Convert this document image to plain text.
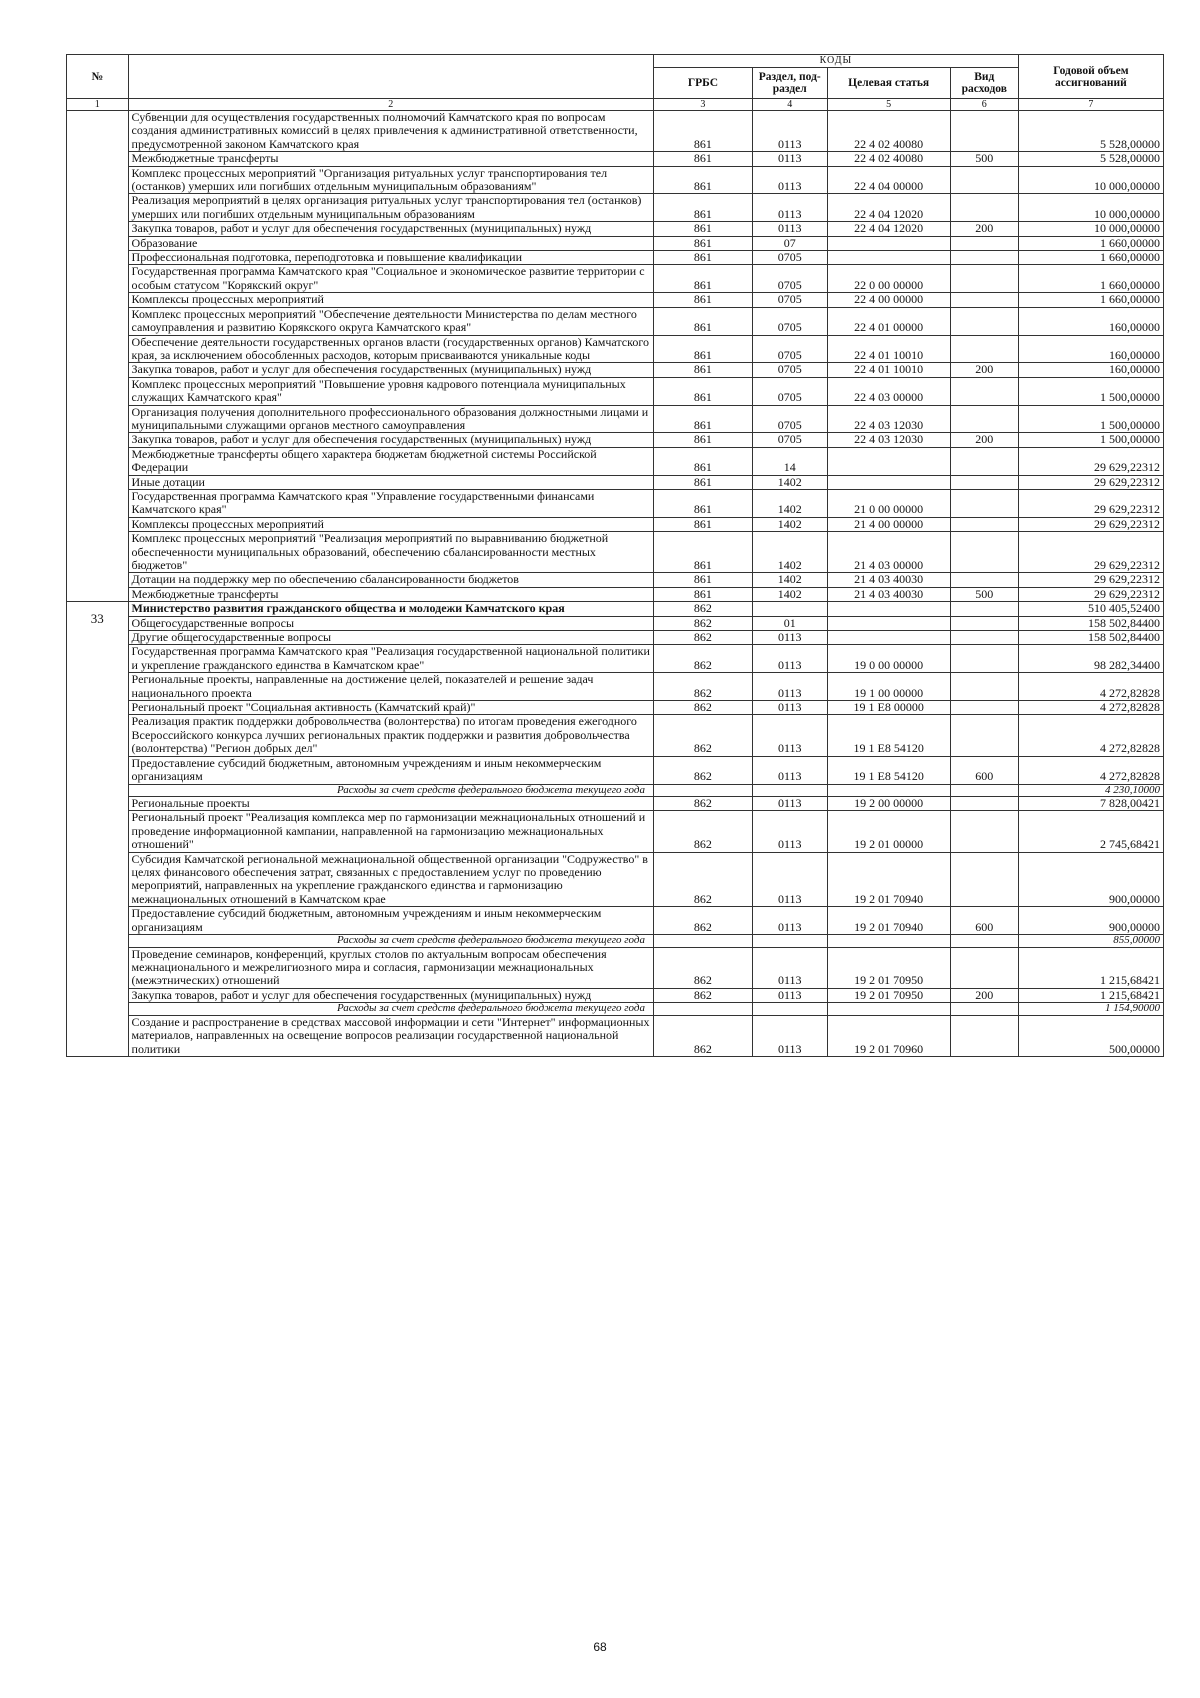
№		КОДЫ				Годовой объем ассигнований
		ГРБС	Раздел, под-раздел	Целевая статья	Вид расходов	
1	2	3	4	5	6	7
	Субвенции для осуществления государственных полномочий Камчатского края по вопросам создания административных комиссий в целях привлечения к административной ответственности, предусмотренной законом Камчатского края	861	0113	22 4 02 40080		5 528,00000
	Межбюджетные трансферты	861	0113	22 4 02 40080	500	5 528,00000
	Комплекс процессных мероприятий "Организация ритуальных услуг транспортирования тел (останков) умерших или погибших отдельным муниципальным образованиям"	861	0113	22 4 04 00000		10 000,00000
	Реализация мероприятий в целях организация ритуальных услуг транспортирования тел (останков) умерших или погибших отдельным муниципальным образованиям	861	0113	22 4 04 12020		10 000,00000
	Закупка товаров, работ и услуг для обеспечения государственных (муниципальных) нужд	861	0113	22 4 04 12020	200	10 000,00000
	Образование	861	07			1 660,00000
	Профессиональная подготовка, переподготовка и повышение квалификации	861	0705			1 660,00000
	Государственная программа Камчатского края "Социальное и экономическое развитие территории с особым статусом "Корякский округ"	861	0705	22 0 00 00000		1 660,00000
	Комплексы процессных мероприятий	861	0705	22 4 00 00000		1 660,00000
	Комплекс процессных мероприятий "Обеспечение деятельности Министерства по делам местного самоуправления и развитию Корякского округа Камчатского края"	861	0705	22 4 01 00000		160,00000
	Обеспечение деятельности государственных органов власти (государственных органов) Камчатского края, за исключением обособленных расходов, которым присваиваются уникальные коды	861	0705	22 4 01 10010		160,00000
	Закупка товаров, работ и услуг для обеспечения государственных (муниципальных) нужд	861	0705	22 4 01 10010	200	160,00000
	Комплекс процессных мероприятий "Повышение уровня кадрового потенциала муниципальных служащих Камчатского края"	861	0705	22 4 03 00000		1 500,00000
	Организация получения дополнительного профессионального образования должностными лицами и муниципальными служащими органов местного самоуправления	861	0705	22 4 03 12030		1 500,00000
	Закупка товаров, работ и услуг для обеспечения государственных (муниципальных) нужд	861	0705	22 4 03 12030	200	1 500,00000
	Межбюджетные трансферты общего характера бюджетам бюджетной системы Российской Федерации	861	14			29 629,22312
	Иные дотации	861	1402			29 629,22312
	Государственная программа Камчатского края "Управление государственными финансами Камчатского края"	861	1402	21 0 00 00000		29 629,22312
	Комплексы процессных мероприятий	861	1402	21 4 00 00000		29 629,22312
	Комплекс процессных мероприятий "Реализация мероприятий по выравниванию бюджетной обеспеченности муниципальных образований, обеспечению сбалансированности местных бюджетов"	861	1402	21 4 03 00000		29 629,22312
	Дотации на поддержку мер по обеспечению сбалансированности бюджетов	861	1402	21 4 03 40030		29 629,22312
	Межбюджетные трансферты	861	1402	21 4 03 40030	500	29 629,22312
33	Министерство развития гражданского общества и молодежи Камчатского края	862				510 405,52400
	Общегосударственные вопросы	862	01			158 502,84400
	Другие общегосударственные вопросы	862	0113			158 502,84400
	Государственная программа Камчатского края "Реализация государственной национальной политики и укрепление гражданского единства в Камчатском крае"	862	0113	19 0 00 00000		98 282,34400
	Региональные проекты, направленные на достижение целей, показателей и решение задач национального проекта	862	0113	19 1 00 00000		4 272,82828
	Региональный проект "Социальная активность (Камчатский край)"	862	0113	19 1 E8 00000		4 272,82828
	Реализация практик поддержки добровольчества (волонтерства) по итогам проведения ежегодного Всероссийского конкурса лучших региональных практик поддержки и развития добровольчества (волонтерства) "Регион добрых дел"	862	0113	19 1 E8 54120		4 272,82828
	Предоставление субсидий бюджетным, автономным учреждениям и иным некоммерческим организациям	862	0113	19 1 E8 54120	600	4 272,82828
	Расходы за счет средств федерального бюджета текущего года					4 230,10000
	Региональные проекты	862	0113	19 2 00 00000		7 828,00421
	Региональный проект "Реализация комплекса мер по гармонизации межнациональных отношений и проведение информационной кампании, направленной на гармонизацию межнациональных отношений"	862	0113	19 2 01 00000		2 745,68421
	Субсидия Камчатской региональной межнациональной общественной организации "Содружество" в целях финансового обеспечения затрат, связанных с предоставлением услуг по проведению мероприятий, направленных на укрепление гражданского единства и гармонизацию межнациональных отношений в Камчатском крае	862	0113	19 2 01 70940		900,00000
	Предоставление субсидий бюджетным, автономным учреждениям и иным некоммерческим организациям	862	0113	19 2 01 70940	600	900,00000
	Расходы за счет средств федерального бюджета текущего года					855,00000
	Проведение семинаров, конференций, круглых столов по актуальным вопросам обеспечения межнационального и межрелигиозного мира и согласия, гармонизации межнациональных (межэтнических) отношений	862	0113	19 2 01 70950		1 215,68421
	Закупка товаров, работ и услуг для обеспечения государственных (муниципальных) нужд	862	0113	19 2 01 70950	200	1 215,68421
	Расходы за счет средств федерального бюджета текущего года					1 154,90000
	Создание и распространение в средствах массовой информации и сети "Интернет" информационных материалов, направленных на освещение вопросов реализации государственной национальной политики	862	0113	19 2 01 70960		500,00000
68
